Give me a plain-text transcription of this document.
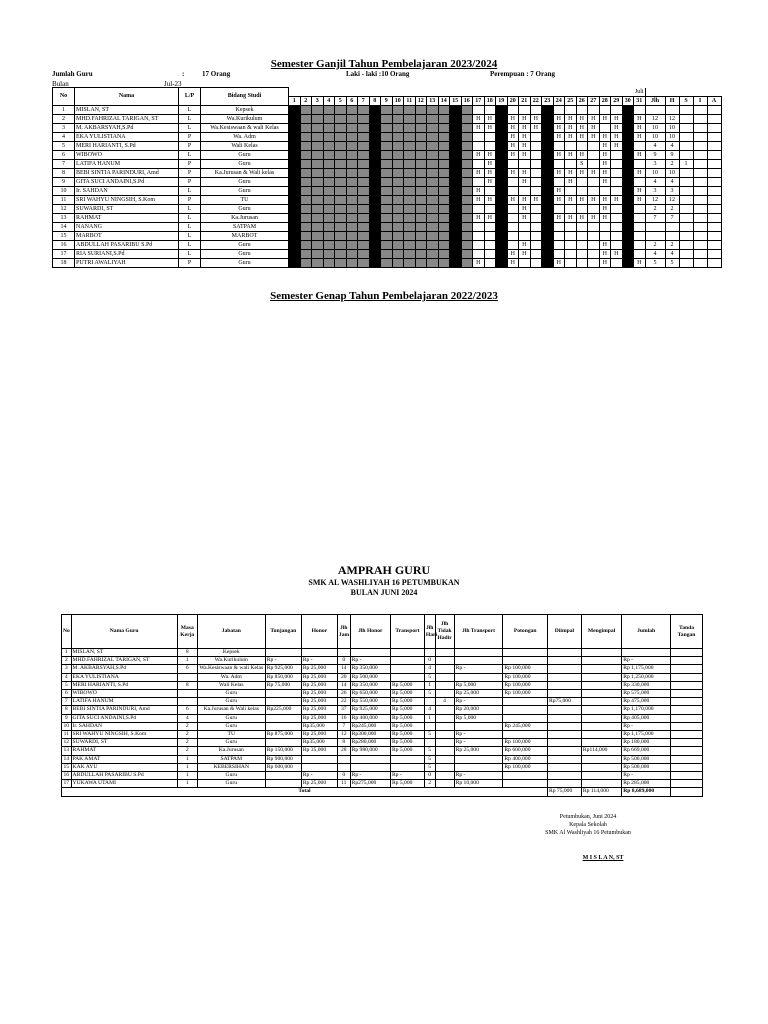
Semester Ganjil Tahun Pembelajaran 2023/2024
Jumlah Guru	:	17 Orang	Laki - laki :10 Orang	Perempuan : 7 Orang
Bulan	Jul-23
No	Nama	L/P	Bidang Studi	Juli																																			
				1	2	3	4	5	6	7	8	9	10	11	12	13	14	15	16	17	18	19	20	21	22	23	24	25	26	27	28	29	30	31	Jlh	H	S	I	A
1	MISLAN, ST	L	Kepsek																																				
2	MHD.FAHRIZAL TARIGAN, ST	L	Wa.Kurikulum																	H	H		H	H	H		H	H	H	H	H	H		H	12	12			
3	M. AKBARSYAH,S.Pd	L	Wa.Kesiswaan & wali Kelas																	H	H		H	H	H		H	H	H	H		H		H	10	10			
4	EKA YULISTIANA	P	Wa. Adm																				H	H			H	H	H	H	H	H		H	10	10			
5	MERI HARIANTI, S.Pd	P	Wali Kelas																				H	H							H	H			4	4			
6	WIBOWO	L	Guru																	H	H		H	H			H	H	H		H			H	9	9			
7	LATIFA HANUM	P	Guru																		H								S		H				3	2	1		
8	BEBI SINTIA PARINDURI, Amd	P	Ka.Jurusan & Wali kelas																	H	H		H	H			H	H	H	H	H			H	10	10			
9	GITA SUCI ANDAINI,S.Pd	P	Guru																		H			H				H			H				4	4			
10	Ir. SAHDAN	L	Guru																	H							H							H	3	3			
11	SRI WAHYU NINGSIH, S.Kom	P	TU																	H	H		H	H	H		H	H	H	H	H	H		H	12	12			
12	SUWARDI, ST	L	Guru																					H							H				2	2			
13	RAHMAT	L	Ka.Jurusan																	H	H			H			H	H	H	H	H				7	7			
14	NANANG	L	SATPAM																																				
15	MARBOT	L	MARBOT																																				
16	ABDULLAH PASARIBU S.Pd	L	Guru																					H							H				2	2			
17	RIA SURIANI,S.Pd	L	Guru																				H	H							H	H			4	4			
18	PUTRI AWALIYAH	P	Guru																	H			H				H				H			H	5	5			
Semester Genap Tahun Pembelajaran 2022/2023
AMPRAH GURU
SMK AL WASHLIYAH 16 PETUMBUKAN
BULAN JUNI 2024
No	Nama Guru	Masa Kerja	Jabatan	Tunjangan	Honor	Jlh Jam	Jlh Honor	Transport	Jlh Hari	Jlh Tidak Hadir	Jlh Transport	Potongan	Diimpal	Mengimpal	Jumlah	Tanda Tangan
1	MISLAN, ST	8	Kepsek													
2	MHD.FAHRIZAL TARIGAN, ST	1	Wa.Kurikulum	Rp -	Rp -	0	Rp -		0						Rp -	
3	M. AKBARSYAH,S.Pd	6	Wa.Kesiswaan & wali Kelas	Rp 925,000	Rp 25,000	14	Rp 350,000		4		Rp -	Rp 100,000			Rp 1,175,000	
4	EKA YULISTIANA		Wa. Adm	Rp 850,000	Rp 25,000	20	Rp 500,000		5			Rp 100,000			Rp 1,250,000	
5	MERI HARIANTI, S.Pd	8	Wali Kelas	Rp 75,000	Rp 25,000	14	Rp 350,000	Rp 5,000	1		Rp 5,000	Rp 100,000			Rp 330,000	
6	WIBOWO		Guru		Rp 25,000	26	Rp 650,000	Rp 5,000	5		Rp 25,000	Rp 100,000			Rp 575,000	
7	LATIFA HANUM		Guru		Rp 25,000	22	Rp 550,000	Rp 5,000		4	Rp -		Rp75,000		Rp 475,000	
8	BEBI SINTIA PARINDURI, Amd	6	Ka.Jurusan & Wali kelas	Rp225,000	Rp 25,000	37	Rp 925,000	Rp 5,000	4		Rp 20,000				Rp 1,170,000	
9	GITA SUCI ANDAINI,S.Pd	4	Guru		Rp 25,000	16	Rp 400,000	Rp 5,000	1		Rp 5,000				Rp 405,000	
10	Ir. SAHDAN	2	Guru		Rp35,000	7	Rp245,000	Rp 5,000				Rp 245,000			Rp -	
11	SRI WAHYU NINGSIH, S.Kom	2	TU	Rp 875,000	Rp 25,000	12	Rp300,000	Rp 5,000	5		Rp -				Rp 1,175,000	
12	SUWARDI, ST	2	Guru		Rp35,000	8	Rp280,000	Rp 5,000			Rp -	Rp 100,000			Rp 180,000	
13	RAHMAT	2	Ka.Jurusan	Rp 150,000	Rp 35,000	28	Rp 980,000	Rp 5,000	5		Rp 25,000	Rp 600,000		Rp114,000	Rp 669,000	
14	PAK AMAT	1	SATPAM	Rp 900,000					5			Rp 400,000			Rp 500,000	
15	KAK AYU	1	KEBERSIHAN	Rp 600,000					5			Rp 100,000			Rp 500,000	
16	ABDULLAH PASARIBU S.Pd	1	Guru		Rp -	0	Rp -	Rp -	0		Rp -				Rp -	
17	YUKAWA UTAMI	1	Guru		Rp 25,000	11	Rp275,000	Rp 5,000	2		Rp 10,000				Rp 285,000	
Total													Rp 75,000	Rp 114,000	Rp 8,689,000	
Petumbukan, Juni 2024
Kepala Sekolah
SMK Al Washliyah 16 Petumbukan
M I S L A N, ST
